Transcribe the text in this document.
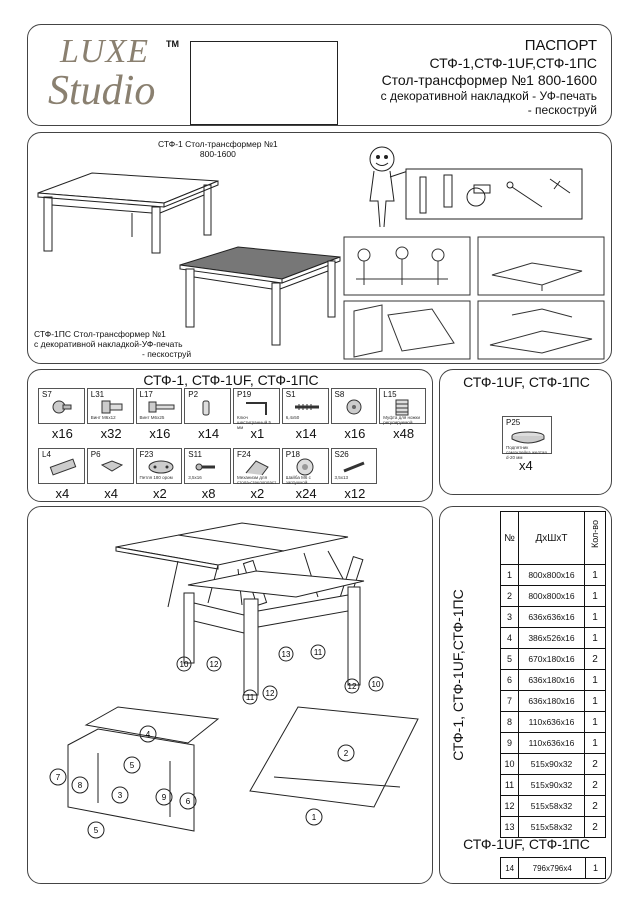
LUXE TM
Studio
ПАСПОРТ
СТФ-1,СТФ-1UF,СТФ-1ПС
Стол-трансформер №1 800-1600
с декоративной накладкой - УФ-печать
- пескоструй
СТФ-1 Стол-трансформер №1
800-1600
СТФ-1ПС Стол-трансформер №1
с декоративной накладкой-УФ-печать
- пескоструй
СТФ-1, СТФ-1UF, СТФ-1ПС
S7
x16
L31
Винт М6х12
x32
L17
Винт М6х25
x16
P2
x14
P19
Ключ шестигранный 5 мм x1
S1
6,4x50
x14
S8
x16
L15
Муфта для ножки регулируемой
x48
L4
x4
P6
x4
F23
Петля 180 ором
x2
S11
3,5x16
x8
F24
Механизм для стола-стеклопласт
x2
P18
Шайба М6 с заглушкой
x24
S26
3,5x13
x12
СТФ-1UF, СТФ-1ПС
P25
Подпятник самоклейка желтая d-20 мм
x4
10	12
13	11
11 12
12 10
4
5
7
8
3	9 6
5
2
1
СТФ-1, СТФ-1UF,СТФ-1ПС
№	ДхШхТ	Кол-во

1	800х800х16	1
2	800х800х16	1
3	636х636х16	1
4	386х526х16	1
5	670х180х16	2
6	636х180х16	1
7	636х180х16	1
8	110х636х16	1
9	110х636х16	1
10	515х90х32	2
11	515х90х32	2
12	515х58х32	2
13	515х58х32	2
СТФ-1UF, СТФ-1ПС
14	796х796х4	1
